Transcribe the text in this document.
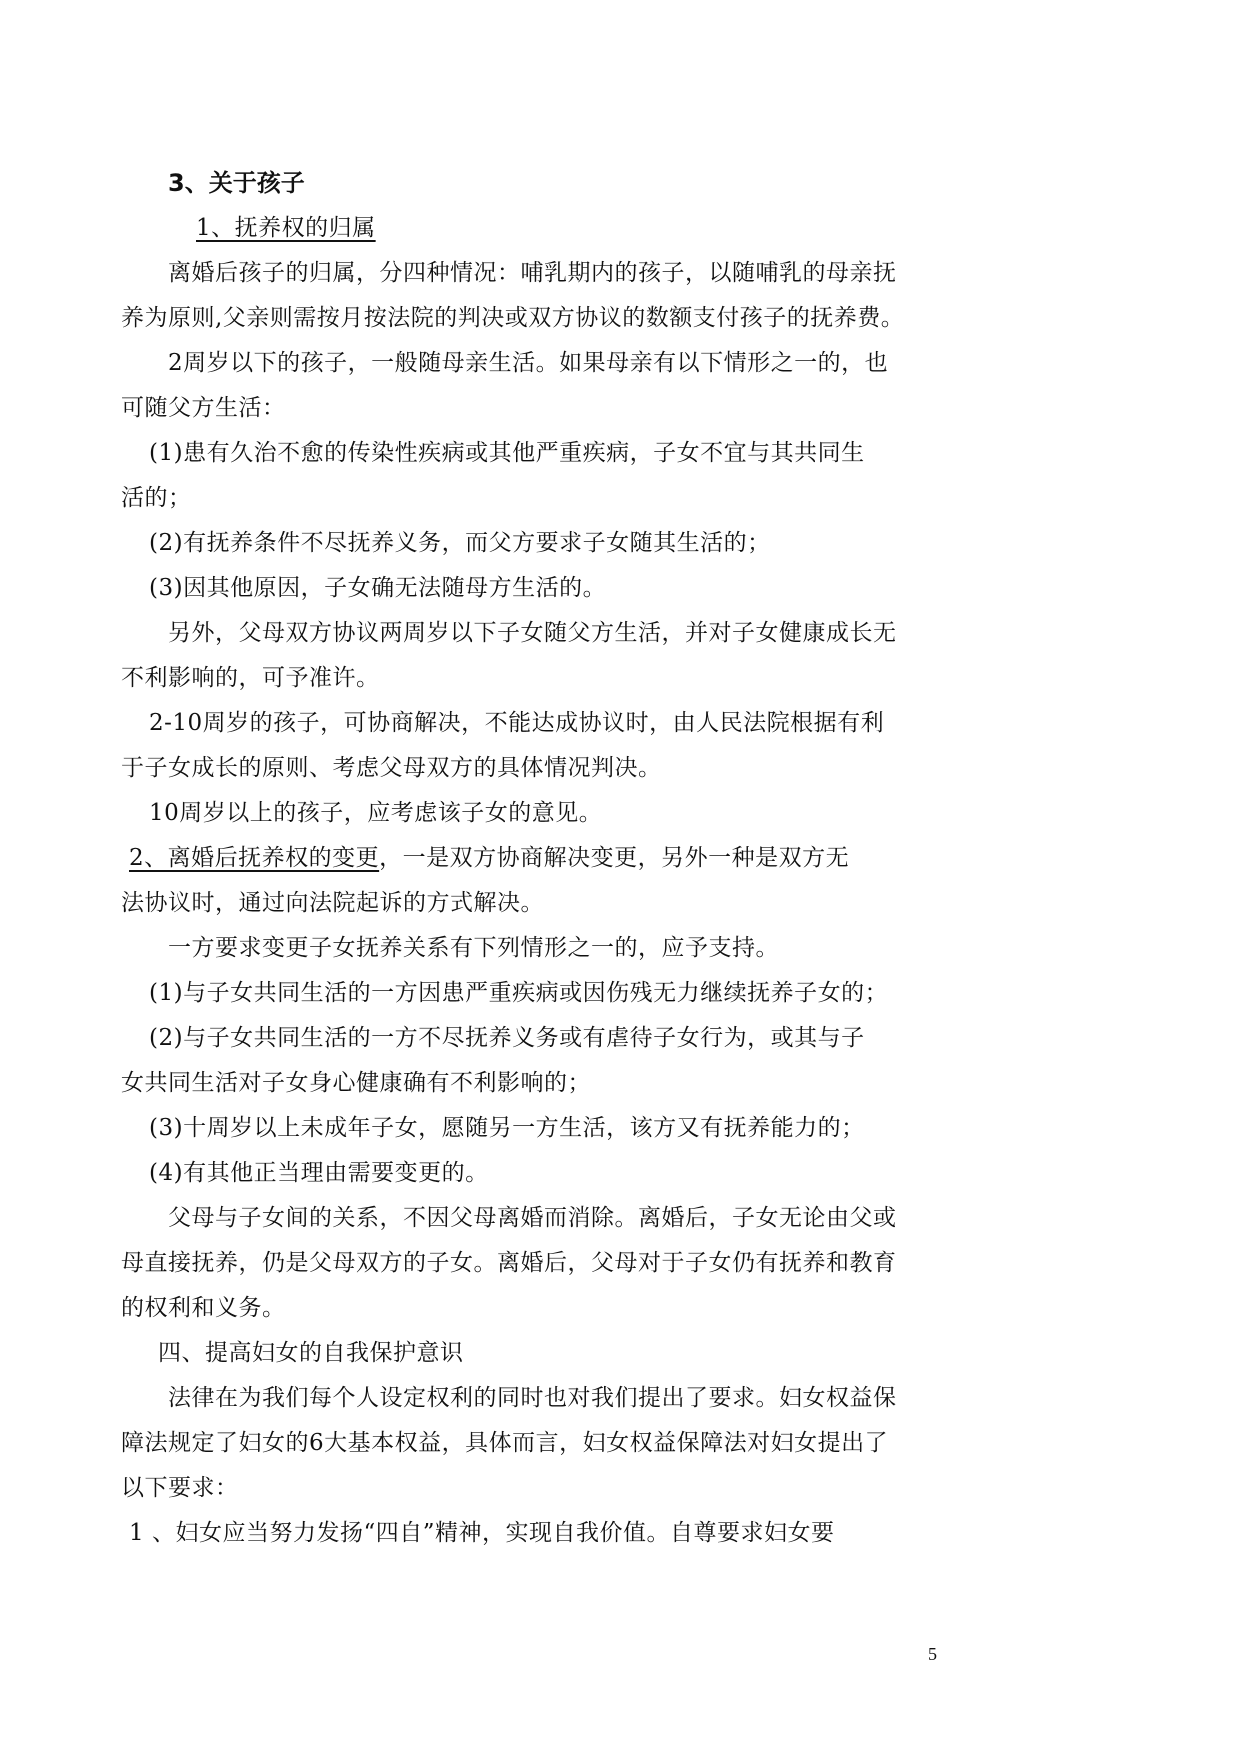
3、关于孩子
1、抚养权的归属
离婚后孩子的归属，分四种情况：哺乳期内的孩子，以随哺乳的母亲抚
养为原则,父亲则需按月按法院的判决或双方协议的数额支付孩子的抚养费。
2周岁以下的孩子，一般随母亲生活。如果母亲有以下情形之一的，也
可随父方生活：
(1)患有久治不愈的传染性疾病或其他严重疾病，子女不宜与其共同生
活的；
(2)有抚养条件不尽抚养义务，而父方要求子女随其生活的；
(3)因其他原因，子女确无法随母方生活的。
另外，父母双方协议两周岁以下子女随父方生活，并对子女健康成长无
不利影响的，可予准许。
2-10周岁的孩子，可协商解决，不能达成协议时，由人民法院根据有利
于子女成长的原则、考虑父母双方的具体情况判决。
10周岁以上的孩子，应考虑该子女的意见。
2、离婚后抚养权的变更，一是双方协商解决变更，另外一种是双方无
法协议时，通过向法院起诉的方式解决。
一方要求变更子女抚养关系有下列情形之一的，应予支持。
(1)与子女共同生活的一方因患严重疾病或因伤残无力继续抚养子女的；
(2)与子女共同生活的一方不尽抚养义务或有虐待子女行为，或其与子
女共同生活对子女身心健康确有不利影响的；
(3)十周岁以上未成年子女，愿随另一方生活，该方又有抚养能力的；
(4)有其他正当理由需要变更的。
父母与子女间的关系，不因父母离婚而消除。离婚后，子女无论由父或
母直接抚养，仍是父母双方的子女。离婚后，父母对于子女仍有抚养和教育
的权利和义务。
四、提高妇女的自我保护意识
法律在为我们每个人设定权利的同时也对我们提出了要求。妇女权益保
障法规定了妇女的6大基本权益，具体而言，妇女权益保障法对妇女提出了
以下要求：
1 、妇女应当努力发扬“四自”精神，实现自我价值。自尊要求妇女要
5
